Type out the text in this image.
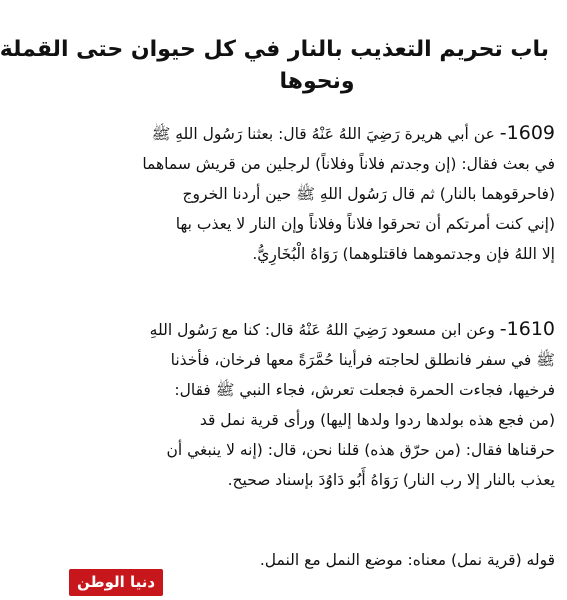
باب تحريم التعذيب بالنار في كل حيوان حتى القملة
ونحوها
1609- عن أبي هريرة رَضِيَ اللهُ عَنْهُ قال: بعثنا رَسُول اللهِ ﷺ
في بعث فقال: (إن وجدتم فلاناً وفلاناً) لرجلين من قريش سماهما
(فاحرقوهما بالنار) ثم قال رَسُول اللهِ ﷺ حين أردنا الخروج
(إني كنت أمرتكم أن تحرقوا فلاناً وفلاناً وإن النار لا يعذب بها
إلا اللهُ فإن وجدتموهما فاقتلوهما) رَوَاهُ الْبُخَارِيُّ.
1610- وعن ابن مسعود رَضِيَ اللهُ عَنْهُ قال: كنا مع رَسُول اللهِ
ﷺ في سفر فانطلق لحاجته فرأينا حُمَّرَةً معها فرخان، فأخذنا
فرخيها، فجاءت الحمرة فجعلت تعرش، فجاء النبي ﷺ فقال:
(من فجع هذه بولدها ردوا ولدها إليها) ورأى قرية نمل قد
حرقناها فقال: (من حرّق هذه) قلنا نحن، قال: (إنه لا ينبغي أن
يعذب بالنار إلا رب النار) رَوَاهُ أَبُو دَاوُدَ بإسناد صحيح.
قوله (قرية نمل) معناه: موضع النمل مع النمل.
دنيا الوطن
